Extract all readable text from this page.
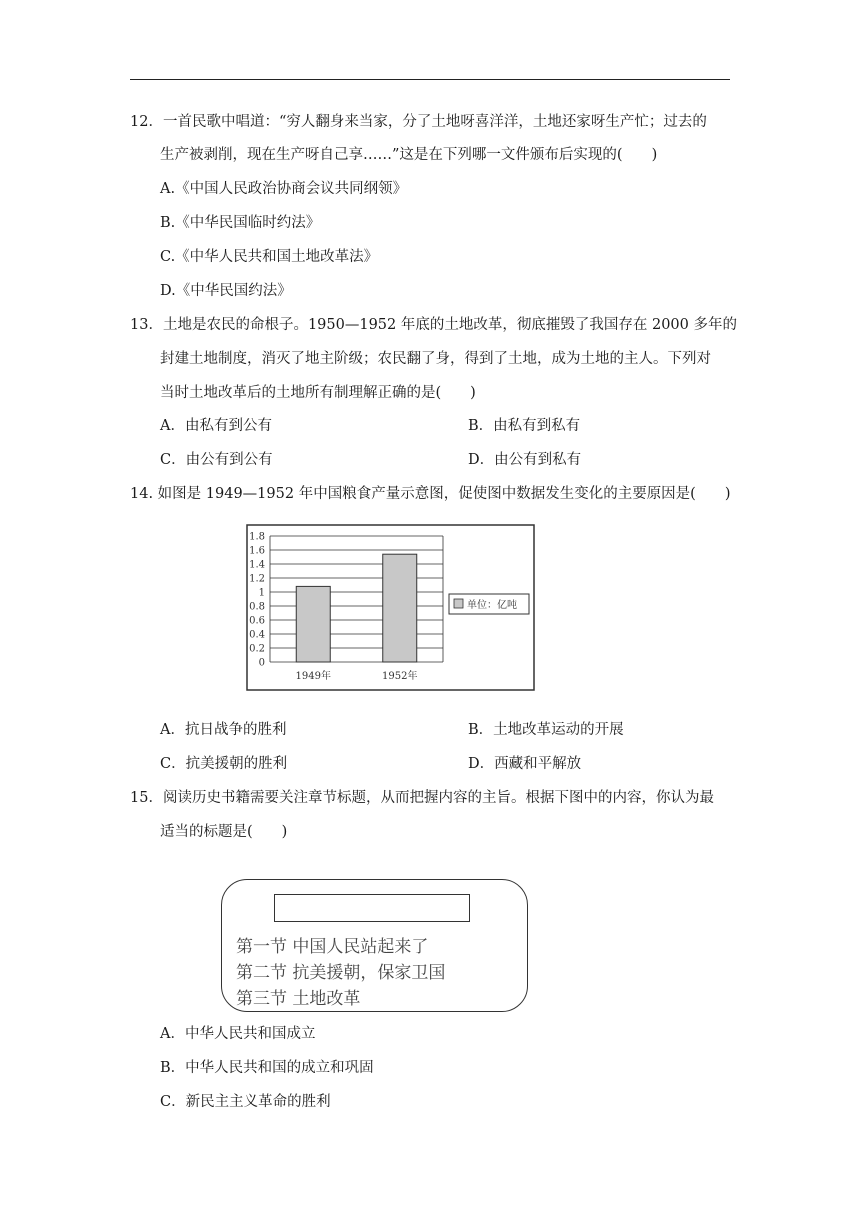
12．一首民歌中唱道：“穷人翻身来当家，分了土地呀喜洋洋，土地还家呀生产忙；过去的
生产被剥削，现在生产呀自己享……”这是在下列哪一文件颁布后实现的(　　)
A.《中国人民政治协商会议共同纲领》
B.《中华民国临时约法》
C.《中华人民共和国土地改革法》
D.《中华民国约法》
13．土地是农民的命根子。1950—1952 年底的土地改革，彻底摧毁了我国存在 2000 多年的
封建土地制度，消灭了地主阶级；农民翻了身，得到了土地，成为土地的主人。下列对
当时土地改革后的土地所有制理解正确的是(　　)
A．由私有到公有	B．由私有到私有
C．由公有到公有	D．由公有到私有
14. 如图是 1949—1952 年中国粮食产量示意图，促使图中数据发生变化的主要原因是(　　)
0
0.2
0.4
0.6
0.8
1
1.2
1.4
1.6
1.8
1949年	1952年
单位：亿吨
A．抗日战争的胜利	B．土地改革运动的开展
C．抗美援朝的胜利	D．西藏和平解放
15．阅读历史书籍需要关注章节标题，从而把握内容的主旨。根据下图中的内容，你认为最
适当的标题是(　　)
第一节 中国人民站起来了
第二节 抗美援朝，保家卫国
第三节 土地改革
A．中华人民共和国成立
B．中华人民共和国的成立和巩固
C．新民主主义革命的胜利
